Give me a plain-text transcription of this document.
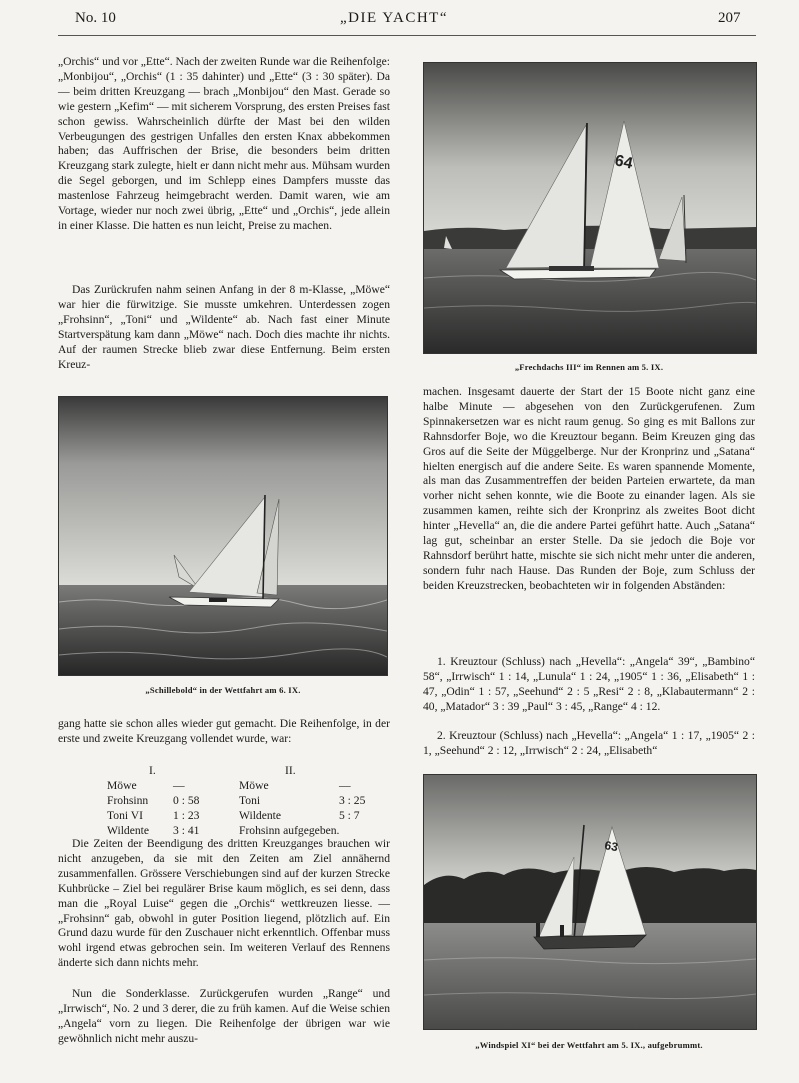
No. 10	„DIE YACHT“	207
„Orchis“ und vor „Ette“. Nach der zweiten Runde war die Reihenfolge: „Monbijou“, „Orchis“ (1 : 35 dahinter) und „Ette“ (3 : 30 später). Da — beim dritten Kreuzgang — brach „Monbijou“ den Mast. Gerade so wie gestern „Kefim“ — mit sicherem Vorsprung, des ersten Preises fast schon gewiss. Wahrscheinlich dürfte der Mast bei den wilden Verbeugungen des gestrigen Unfalles den ersten Knax abbekommen haben; das Auffrischen der Brise, die besonders beim dritten Kreuzgang stark zulegte, hielt er dann nicht mehr aus. Mühsam wurden die Segel geborgen, und im Schlepp eines Dampfers musste das mastenlose Fahrzeug heimgebracht werden. Damit waren, wie am Vortage, wieder nur noch zwei übrig, „Ette“ und „Orchis“, jede allein in einer Klasse. Die hatten es nun leicht, Preise zu machen.
Das Zurückrufen nahm seinen Anfang in der 8 m-Klasse, „Möwe“ war hier die fürwitzige. Sie musste umkehren. Unterdessen zogen „Frohsinn“, „Toni“ und „Wildente“ ab. Nach fast einer Minute Startverspätung kam dann „Möwe“ nach. Doch dies machte ihr nichts. Auf der raumen Strecke blieb zwar diese Entfernung. Beim ersten Kreuz-
„Schillebold“ in der Wettfahrt am 6. IX.
gang hatte sie schon alles wieder gut gemacht. Die Reihenfolge, in der erste und zweite Kreuzgang vollendet wurde, war:
	I.		II.
Möwe	—	Möwe	—
Frohsinn	0 : 58	Toni	3 : 25
Toni VI	1 : 23	Wildente	5 : 7
Wildente	3 : 41	Frohsinn aufgegeben.	
Die Zeiten der Beendigung des dritten Kreuzganges brauchen wir nicht anzugeben, da sie mit den Zeiten am Ziel annähernd zusammenfallen. Grössere Verschiebungen sind auf der kurzen Strecke Kuhbrücke – Ziel bei regulärer Brise kaum möglich, es sei denn, dass man die „Royal Luise“ gegen die „Orchis“ wettkreuzen liesse. — „Frohsinn“ gab, obwohl in guter Position liegend, plötzlich auf. Ein Grund dazu wurde für den Zuschauer nicht erkenntlich. Offenbar muss wohl irgend etwas gebrochen sein. Im weiteren Verlauf des Rennens änderte sich dann nichts mehr.
Nun die Sonderklasse. Zurückgerufen wurden „Range“ und „Irrwisch“, No. 2 und 3 derer, die zu früh kamen. Auf die Weise schien „Angela“ vorn zu liegen. Die Reihenfolge der übrigen war wie gewöhnlich nicht mehr auszu-
64
„Frechdachs III“ im Rennen am 5. IX.
machen. Insgesamt dauerte der Start der 15 Boote nicht ganz eine halbe Minute — abgesehen von den Zurückgerufenen. Zum Spinnakersetzen war es nicht raum genug. So ging es mit Ballons zur Rahnsdorfer Boje, wo die Kreuztour begann. Beim Kreuzen ging das Gros auf die Seite der Müggelberge. Nur der Kronprinz und „Satana“ hielten energisch auf die andere Seite. Es waren spannende Momente, als man das Zusammentreffen der beiden Parteien erwartete, da man vorher nicht sehen konnte, wie die Boote zu einander lagen. Als sie zusammen kamen, reihte sich der Kronprinz als zweites Boot dicht hinter „Hevella“ an, die die andere Partei geführt hatte. Auch „Satana“ lag gut, scheinbar an erster Stelle. Da sie jedoch die Boje vor Rahnsdorf berührt hatte, mischte sie sich nicht mehr unter die anderen, sondern fuhr nach Hause. Das Runden der Boje, zum Schluss der beiden Kreuzstrecken, beobachteten wir in folgenden Abständen:
1. Kreuztour (Schluss) nach „Hevella“: „Angela“ 39“, „Bambino“ 58“, „Irrwisch“ 1 : 14, „Lunula“ 1 : 24, „1905“ 1 : 36, „Elisabeth“ 1 : 47, „Odin“ 1 : 57, „Seehund“ 2 : 5 „Resi“ 2 : 8, „Klabautermann“ 2 : 40, „Matador“ 3 : 39 „Paul“ 3 : 45, „Range“ 4 : 12.
2. Kreuztour (Schluss) nach „Hevella“: „Angela“ 1 : 17, „1905“ 2 : 1, „Seehund“ 2 : 12, „Irrwisch“ 2 : 24, „Elisabeth“
63
„Windspiel XI“ bei der Wettfahrt am 5. IX., aufgebrummt.
